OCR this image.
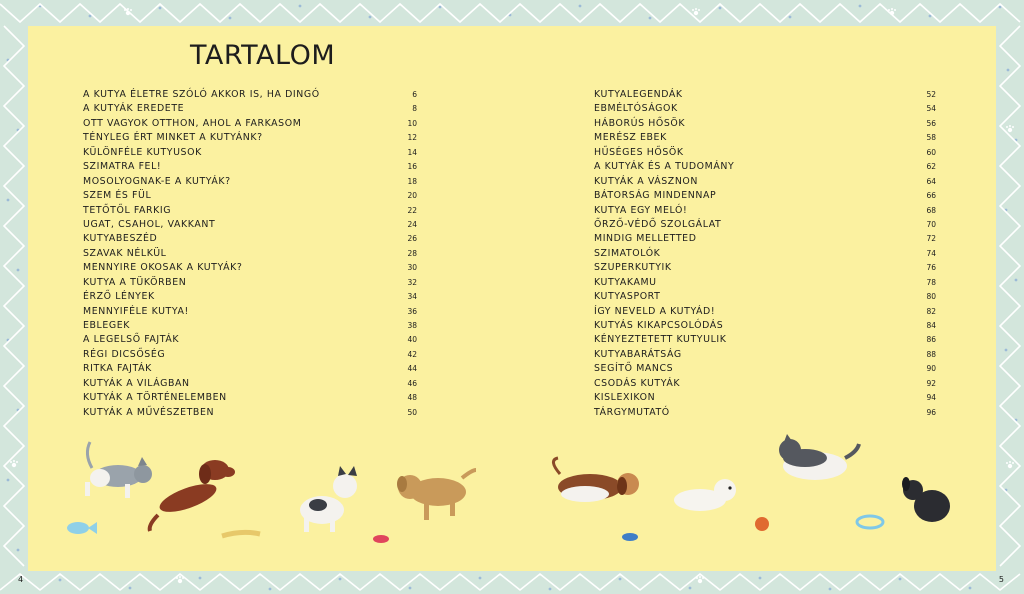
TARTALOM
A KUTYA ÉLETRE SZÓLÓ AKKOR IS, HA DINGÓ	6
A KUTYÁK EREDETE	8
OTT VAGYOK OTTHON, AHOL A FARKASOM	10
TÉNYLEG ÉRT MINKET A KUTYÁNK?	12
KÜLÖNFÉLE KUTYUSOK	14
SZIMATRA FEL!	16
MOSOLYOGNAK-E A KUTYÁK?	18
SZEM ÉS FÜL	20
TETŐTŐL FARKIG	22
UGAT, CSAHOL, VAKKANT	24
KUTYABESZÉD	26
SZAVAK NÉLKÜL	28
MENNYIRE OKOSAK A KUTYÁK?	30
KUTYA A TÜKÖRBEN	32
ÉRZŐ LÉNYEK	34
MENNYIFÉLE KUTYA!	36
EBLEGEK	38
A LEGELSŐ FAJTÁK	40
RÉGI DICSŐSÉG	42
RITKA FAJTÁK	44
KUTYÁK A VILÁGBAN	46
KUTYÁK A TÖRTÉNELEMBEN	48
KUTYÁK A MŰVÉSZETBEN	50
KUTYALEGENDÁK	52
EBMÉLTÓSÁGOK	54
HÁBORÚS HŐSÖK	56
MERÉSZ EBEK	58
HŰSÉGES HŐSÖK	60
A KUTYÁK ÉS A TUDOMÁNY	62
KUTYÁK A VÁSZNON	64
BÁTORSÁG MINDENNAP	66
KUTYA EGY MELÓ!	68
ŐRZŐ-VÉDŐ SZOLGÁLAT	70
MINDIG MELLETTED	72
SZIMATOLÓK	74
SZUPERKUTYIK	76
KUTYAKAMU	78
KUTYASPORT	80
ÍGY NEVELD A KUTYÁD!	82
KUTYÁS KIKAPCSOLÓDÁS	84
KÉNYEZTETETT KUTYULIK	86
KUTYABARÁTSÁG	88
SEGÍTŐ MANCS	90
CSODÁS KUTYÁK	92
KISLEXIKON	94
TÁRGYMUTATÓ	96
4	5
